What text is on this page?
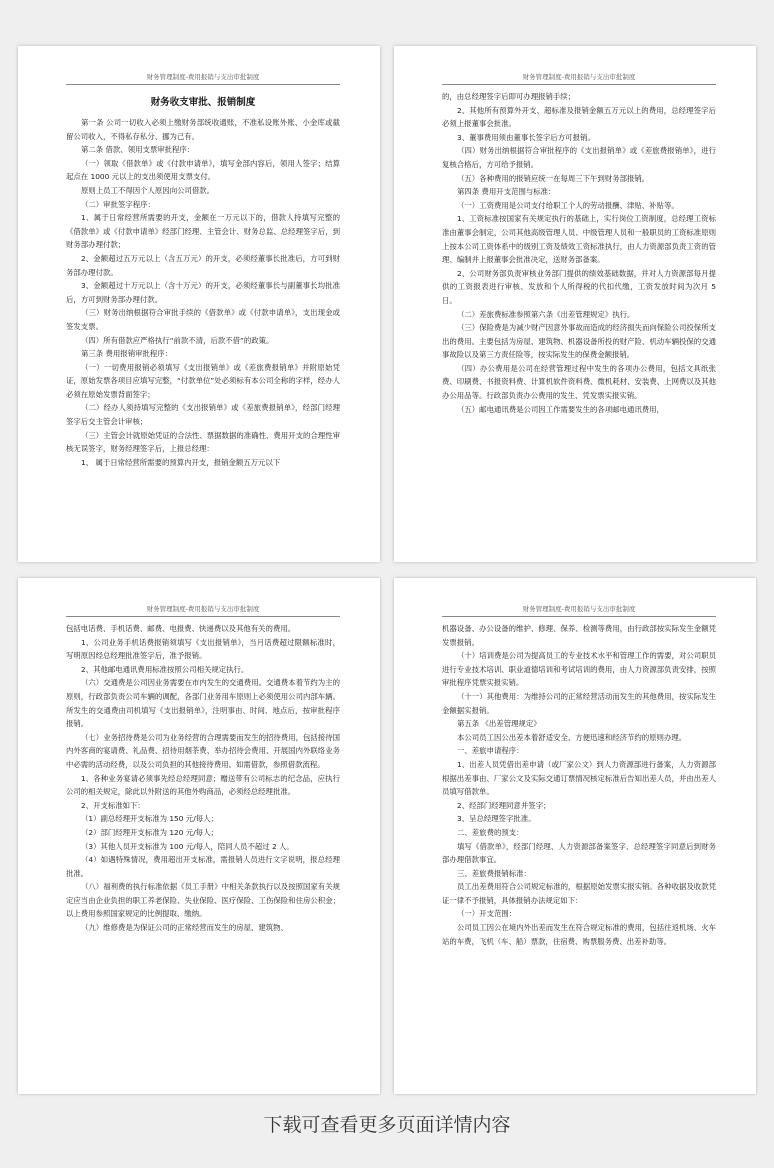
财务管理制度-费用报销与支出审批制度
财务收支审批、报销制度

第一条 公司一切收入必须上缴财务部统收通账，不准私设账外账、小金库或截留公司收入，不得私存私分、挪为己有。

第二条 借款、领用支票审批程序：

（一）领取《借款单》或《付款申请单》，填写金部内容后，领用人签字；结算起点在 1000 元以上的支出须使用支票支付。

原则上员工不得因个人原因向公司借款。

（二）审批签字程序：

1、属于日常经营所需要的开支，金额在一万元以下的，借款人持填写完整的《借款单》或《付款申请单》经部门经理、主管会计、财务总监、总经理签字后，到财务部办理付款；

2、金额超过五万元以上（含五万元）的开支，必须经董事长批准后，方可到财务部办理付款。

3、金额超过十万元以上（含十万元）的开支，必须经董事长与副董事长均批准后，方可到财务部办理付款。

（三）财务出纳根据符合审批手续的《借款单》或《付款申请单》，支出现金或签发支票。

（四）所有借款应严格执行“前款不清，后款不借”的政策。

第三条 费用报销审批程序：

（一）一切费用报销必须填写《支出报销单》或《差旅费报销单》并附原始凭证，原始发票各项目应填写完整，“付款单位”处必须标有本公司全称的字样，经办人必须在原始发票背面签字；

（二）经办人须持填写完整的《支出报销单》或《差旅费报销单》，经部门经理签字后交主管会计审核；

（三）主管会计就原始凭证的合法性、票据数据的准确性、费用开支的合理性审核无误签字，财务经理签字后，上报总经理：

1、 属于日常经营所需要的预算内开支，报销金额五万元以下

财务管理制度-费用报销与支出审批制度

的，由总经理签字后即可办理报销手续；

2、其他所有预算外开支、超标准及报销金额五万元以上的费用，总经理签字后必须上报董事会批准。

3、董事费用须由董事长签字后方可报销。

（四）财务出纳根据符合审批程序的《支出报销单》或《差旅费报销单》，进行复核合格后，方可给予报销。

（五）各种费用的报销应统一在每周三下午到财务部报销。

第四条 费用开支范围与标准：

（一）工资费用是公司支付给职工个人的劳动报酬、津贴、补贴等。

1、工资标准按国家有关规定执行的基础上，实行岗位工资制度，总经理工资标准由董事会制定，公司其他高级管理人员、中级管理人员和一般职员的工资标准原则上按本公司工资体系中的级别工资及绩效工资标准执行，由人力资源部负责工资的管理、编制并上报董事会批准决定，送财务部备案。

2、公司财务部负责审核业务部门提供的绩效基础数据，并对人力资源部每月提供的工资报表进行审核、发放和个人所得税的代扣代缴，工资发放时间为次月 5 日。

（二）差旅费标准参照第六条《出差管理规定》执行。

（三）保险费是为减少财产因意外事故而造成的经济损失而向保险公司投保所支出的费用。主要包括为房屋、建筑物、机器设备所投的财产险、机动车辆投保的交通事故险以及第三方责任险等，按实际发生的保费金额报销。

（四）办公费用是公司在经营管理过程中发生的各项办公费用，包括文具纸张费、印刷费、书报资料费、计算机软件资料费、微机耗材、安装费、上网费以及其他办公用品等。行政部负责办公费用的发生、凭发票实报实销。

（五）邮电通讯费是公司因工作需要发生的各项邮电通讯费用，

财务管理制度-费用报销与支出审批制度

包括电话费、手机话费、邮费、电报费、快递费以及其他有关的费用。

1、公司业务手机话费报销须填写《支出报销单》，当月话费超过限额标准时，写明原因经总经理批准签字后，准予报销。

2、其他邮电通讯费用标准按照公司相关规定执行。

（六）交通费是公司因业务需要在市内发生的交通费用。交通费本着节约为主的原则，行政部负责公司车辆的调配，各部门业务用车原则上必须使用公司内部车辆。所发生的交通费由司机填写《支出报销单》，注明事由、时间、地点后，按审批程序报销。

（七）业务招待费是公司为业务经营的合理需要而发生的招待费用，包括接待国内外客商的宴请费、礼品费、招待用烟茶费、举办招待会费用、开展国内外联络业务中必需的活动经费，以及公司负担的其他接待费用。如需借款，参照借款流程。

1、各种业务宴请必须事先经总经理同意；赠送带有公司标志的纪念品，应执行公司的相关规定，除此以外附送的其他外购商品，必须经总经理批准。

2、开支标准如下：

（1）副总经理开支标准为 150 元/每人；

（2）部门经理开支标准为 120 元/每人；

（3）其他人员开支标准为 100 元/每人，陪同人员不超过 2 人。

（4）如遇特殊情况，费用超出开支标准，需报销人员进行文字说明，报总经理批准。

（八）福利费的执行标准依据《员工手册》中相关条款执行以及按照国家有关规定应当由企业负担的职工养老保险、失业保险、医疗保险、工伤保险和住房公积金；以上费用参照国家规定的比例提取、缴纳。

（九）维修费是为保证公司的正常经营而发生的房屋、建筑物、

财务管理制度-费用报销与支出审批制度

机器设备、办公设备的维护、修理、保养、检测等费用，由行政部按实际发生金额凭发票报销。

（十）培训费是公司为提高员工的专业技术水平和管理工作的需要，对公司职员进行专业技术培训、职业道德培训和考试培训的费用，由人力资源部负责安排，按照审批程序凭票实报实销。

（十一）其他费用：为维持公司的正常经营活动而发生的其他费用，按实际发生金额据实报销。

第五条 《出差管理规定》

本公司员工因公出差本着舒适安全、方便迅速和经济节约的原则办理。

一、差旅申请程序：

1、出差人员凭借出差申请（或厂家公文）到人力资源部进行备案，人力资源部根据出差事由、厂家公文及实际交通订票情况核定标准后告知出差人员，并由出差人员填写借款单。

2、经部门经理同意并签字；

3、呈总经理签字批准。

二、差旅费的预支：

填写《借款单》，经部门经理、人力资源部备案签字、总经理签字同意后到财务部办理借款事宜。

三、差旅费报销标准：

员工出差费用符合公司规定标准的，根据原始发票实报实销。各种收据及收款凭证一律不予报销，具体报销办法规定如下：

（一）开支范围：

公司员工因公在境内外出差而发生在符合规定标准的费用，包括往返机场、火车站的车费，飞机（车、船）票款，住宿费、购票服务费、出差补助等。

下载可查看更多页面详情内容
